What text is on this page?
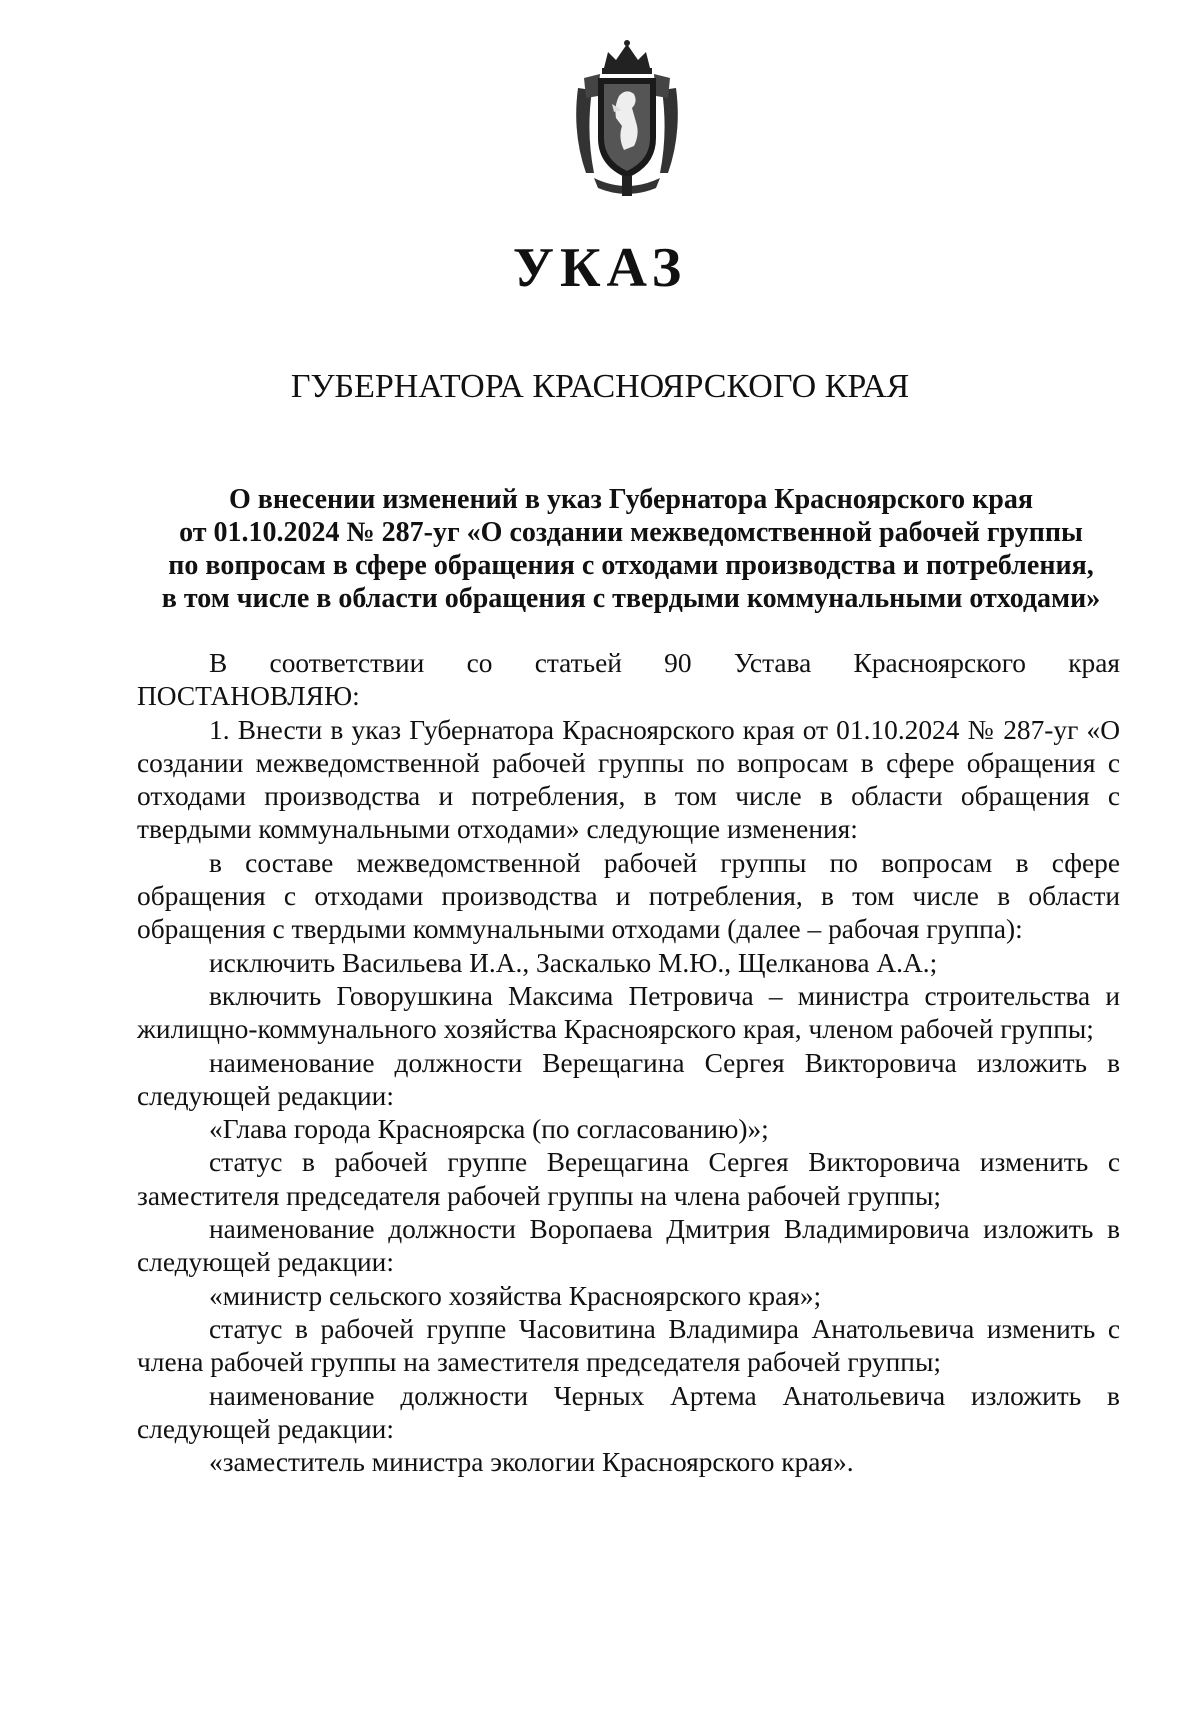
УКАЗ
ГУБЕРНАТОРА КРАСНОЯРСКОГО КРАЯ
О внесении изменений в указ Губернатора Красноярского края
от 01.10.2024 № 287-уг «О создании межведомственной рабочей группы
по вопросам в сфере обращения с отходами производства и потребления,
в том числе в области обращения с твердыми коммунальными отходами»

В соответствии со статьей 90 Устава Красноярского края

ПОСТАНОВЛЯЮ:

1. Внести в указ Губернатора Красноярского края от 01.10.2024 № 287-уг «О создании межведомственной рабочей группы по вопросам в сфере обращения с отходами производства и потребления, в том числе в области обращения с твердыми коммунальными отходами» следующие изменения:

в составе межведомственной рабочей группы по вопросам в сфере обращения с отходами производства и потребления, в том числе в области обращения с твердыми коммунальными отходами (далее – рабочая группа):

исключить Васильева И.А., Заскалько М.Ю., Щелканова А.А.;

включить Говорушкина Максима Петровича – министра строительства и жилищно-коммунального хозяйства Красноярского края, членом рабочей группы;

наименование должности Верещагина Сергея Викторовича изложить в следующей редакции:

«Глава города Красноярска (по согласованию)»;

статус в рабочей группе Верещагина Сергея Викторовича изменить с заместителя председателя рабочей группы на члена рабочей группы;

наименование должности Воропаева Дмитрия Владимировича изложить в следующей редакции:

«министр сельского хозяйства Красноярского края»;

статус в рабочей группе Часовитина Владимира Анатольевича изменить с члена рабочей группы на заместителя председателя рабочей группы;

наименование должности Черных Артема Анатольевича изложить в следующей редакции:

«заместитель министра экологии Красноярского края».
